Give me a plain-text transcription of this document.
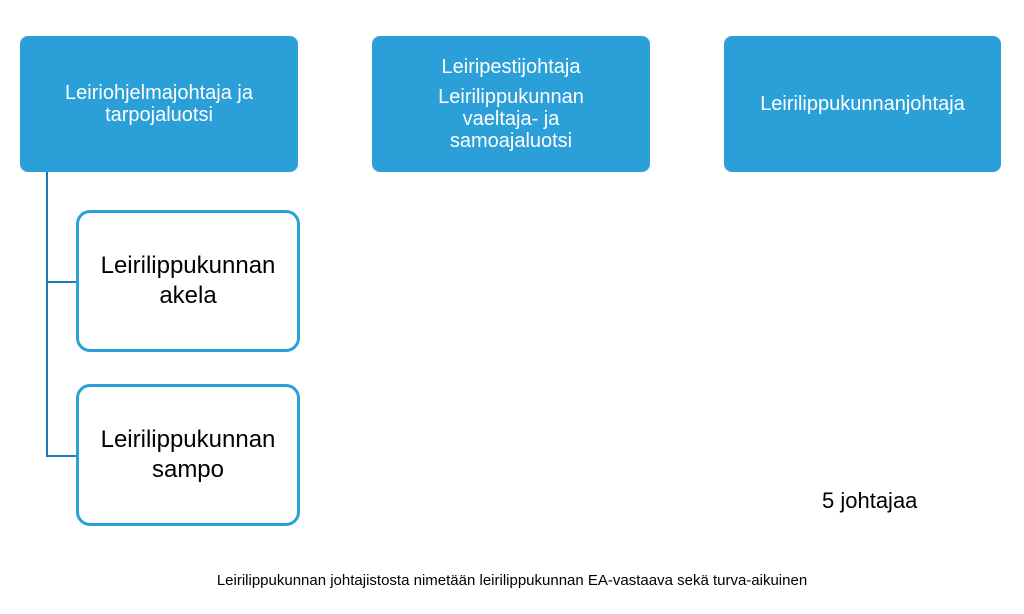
Leiriohjelmajohtaja ja tarpojaluotsi
Leiripestijohtaja
Leirilippukunnan vaeltaja- ja samoajaluotsi
Leirilippukunnanjohtaja
Leirilippukunnan akela
Leirilippukunnan sampo
5 johtajaa
Leirilippukunnan johtajistosta nimetään leirilippukunnan EA-vastaava sekä turva-aikuinen
